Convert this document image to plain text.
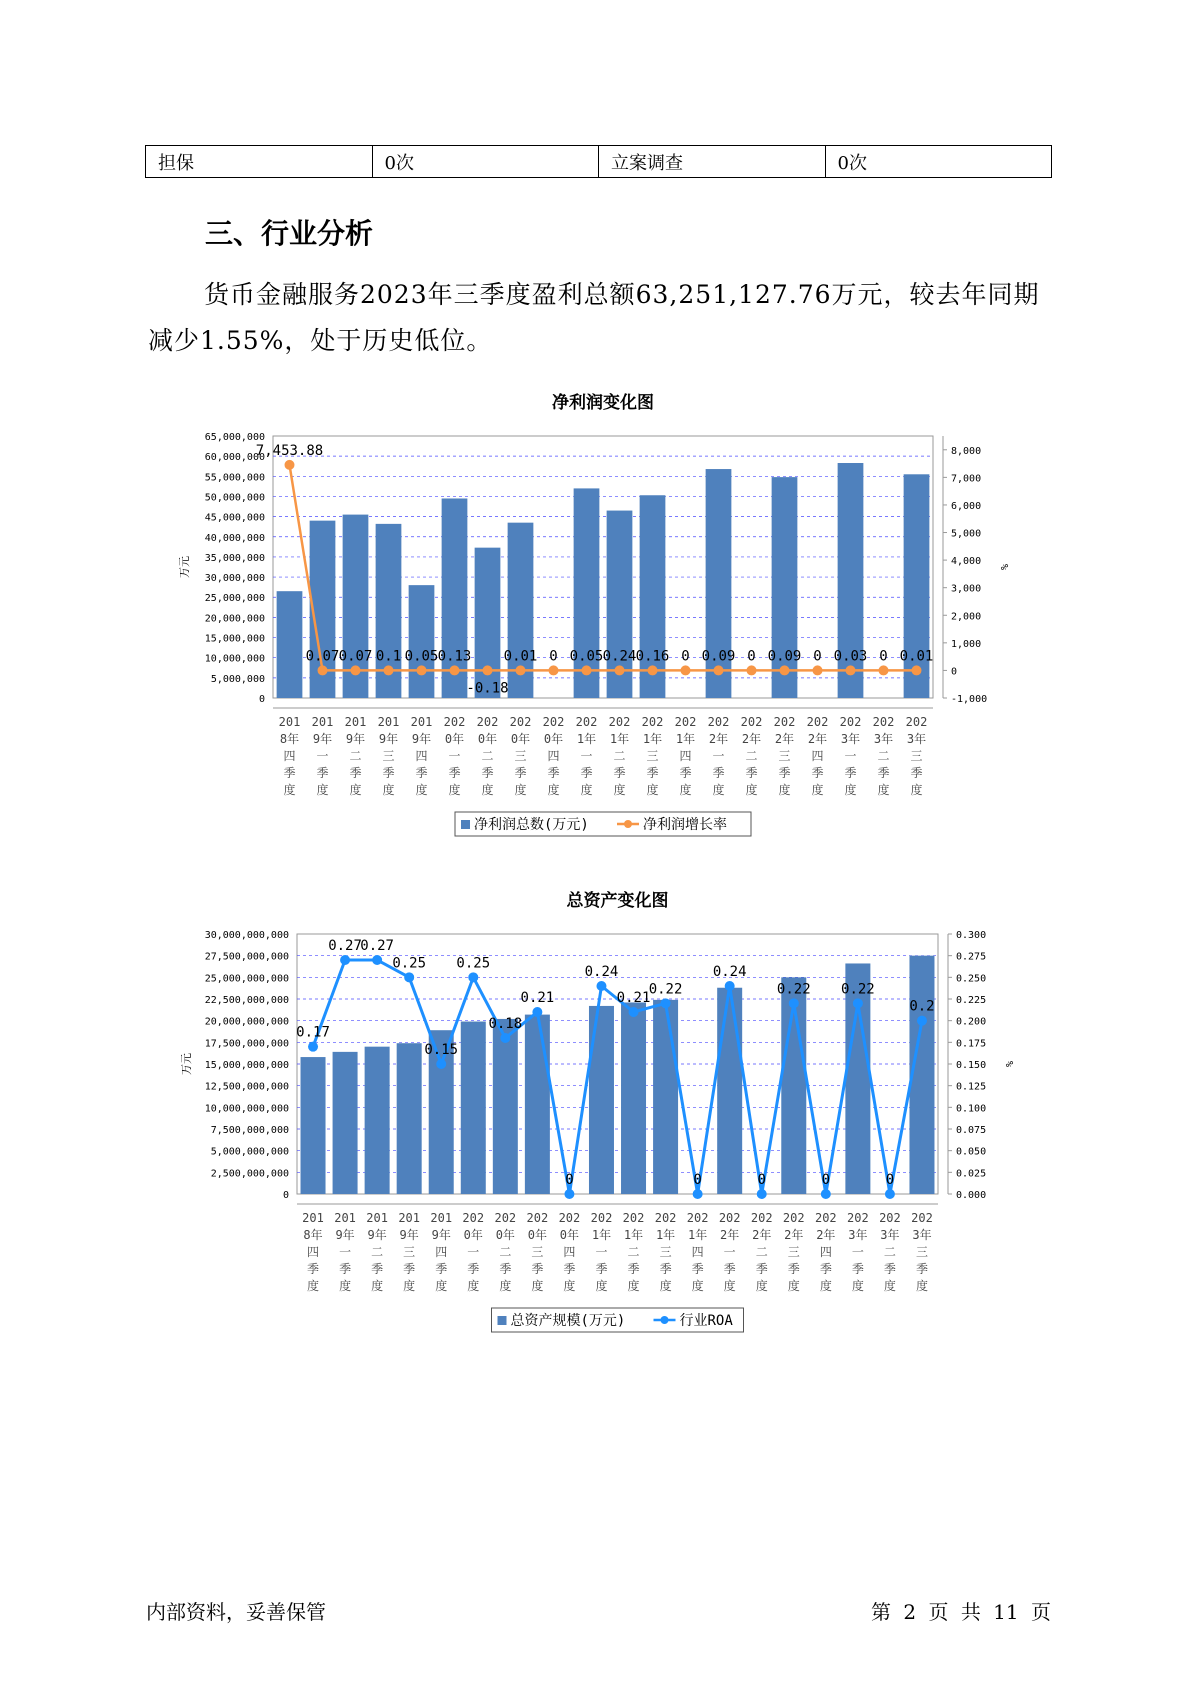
担保	0次	立案调查	0次
三、行业分析

货币金融服务2023年三季度盈利总额63,251,127.76万元，较去年同期减少1.55%，处于历史低位。

净利润变化图
65,000,000
60,000,000
55,000,000
50,000,000
45,000,000
40,000,000
35,000,000
30,000,000
25,000,000
20,000,000
15,000,000
10,000,000
5,000,000
0
8,000
7,000
6,000
5,000
4,000
3,000
2,000
1,000
0
-1,000
万元	%
7,453.88
0.07 0.07 0.1 0.05 0.13
-0.18
0.01 0 0.05 0.24 0.16 0 0.09 0 0.09 0 0.03 0 0.01
201 8年四季度
201 9年一季度
201 9年二季度
201 9年三季度
201 9年四季度
202 0年一季度
202 0年二季度
202 0年三季度
202 0年四季度
202 1年一季度
202 1年二季度
202 1年三季度
202 1年四季度
202 2年一季度
202 2年二季度
202 2年三季度
202 2年四季度
202 3年一季度
202 3年二季度
202 3年三季度
净利润总数(万元)	净利润增长率
总资产变化图
30,000,000,000
27,500,000,000
25,000,000,000
22,500,000,000
20,000,000,000
17,500,000,000
15,000,000,000
12,500,000,000
10,000,000,000
7,500,000,000
5,000,000,000
2,500,000,000
0
0.300
0.275
0.250
0.225
0.200
0.175
0.150
0.125
0.100
0.075
0.050
0.025
0.000
万元	%
0.17
0.27
0.27
0.25
0.15
0.25
0.18
0.21
0
0.24
0.21
0.22
0
0.24
0
0.22
0
0.22
0
0.2
201 8年四季度
201 9年一季度
201 9年二季度
201 9年三季度
201 9年四季度
202 0年一季度
202 0年二季度
202 0年三季度
202 0年四季度
202 1年一季度
202 1年二季度
202 1年三季度
202 1年四季度
202 2年一季度
202 2年二季度
202 2年三季度
202 2年四季度
202 3年一季度
202 3年二季度
202 3年三季度
总资产规模(万元)	行业ROA
内部资料，妥善保管	第 2 页 共 11 页
